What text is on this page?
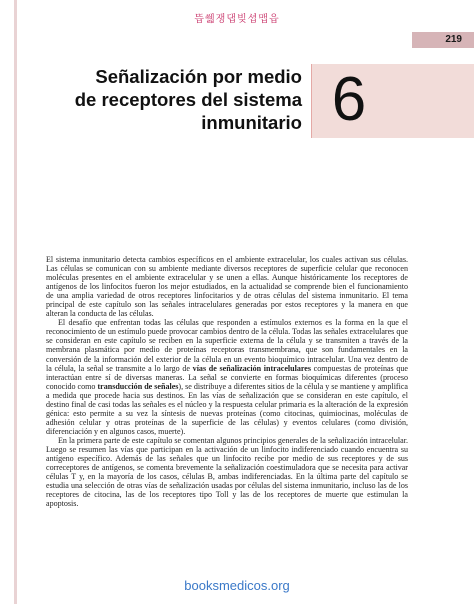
뜹쒧쟁댑빚셥맵읍
219
Señalización por medio
de receptores del sistema
inmunitario 6

El sistema inmunitario detecta cambios específicos en el ambiente extracelular, los cuales activan sus células. Las células se comunican con su ambiente mediante diversos receptores de superficie celular que reconocen moléculas presentes en el ambiente extracelular y se unen a ellas. Aunque históricamente los receptores de antígenos de los linfocitos fueron los mejor estudiados, en la actualidad se comprende bien el funcionamiento de una amplia variedad de otros receptores linfocitarios y de otras células del sistema inmunitario. El tema principal de este capítulo son las señales intracelulares generadas por estos receptores y la manera en que alteran la conducta de las células.

El desafío que enfrentan todas las células que responden a estímulos externos es la forma en la que el reconocimiento de un estímulo puede provocar cambios dentro de la célula. Todas las señales extracelulares que se consideran en este capítulo se reciben en la superficie externa de la célula y se transmiten a través de la membrana plasmática por medio de proteínas receptoras transmembrana, que son fundamentales en la conversión de la información del exterior de la célula en un evento bioquímico intracelular. Una vez dentro de la célula, la señal se transmite a lo largo de vías de señalización intracelulares compuestas de proteínas que interactúan entre sí de diversas maneras. La señal se convierte en formas bioquímicas diferentes (proceso conocido como transducción de señales), se distribuye a diferentes sitios de la célula y se mantiene y amplifica a medida que procede hacia sus destinos. En las vías de señalización que se consideran en este capítulo, el destino final de casi todas las señales es el núcleo y la respuesta celular primaria es la alteración de la expresión génica: esto permite a su vez la síntesis de nuevas proteínas (como citocinas, quimiocinas, moléculas de adhesión celular y otras proteínas de la superficie de las células) y eventos celulares (como división, diferenciación y en algunos casos, muerte).

En la primera parte de este capítulo se comentan algunos principios generales de la señalización intracelular. Luego se resumen las vías que participan en la activación de un linfocito indiferenciado cuando encuentra su antígeno específico. Además de las señales que un linfocito recibe por medio de sus receptores y de sus correceptores de antígenos, se comenta brevemente la señalización coestimuladora que se necesita para activar células T y, en la mayoría de los casos, células B, ambas indiferenciadas. En la última parte del capítulo se estudia una selección de otras vías de señalización usadas por células del sistema inmunitario, incluso las de los receptores de citocina, las de los receptores tipo Toll y las de los receptores de muerte que estimulan la apoptosis.

booksmedicos.org
